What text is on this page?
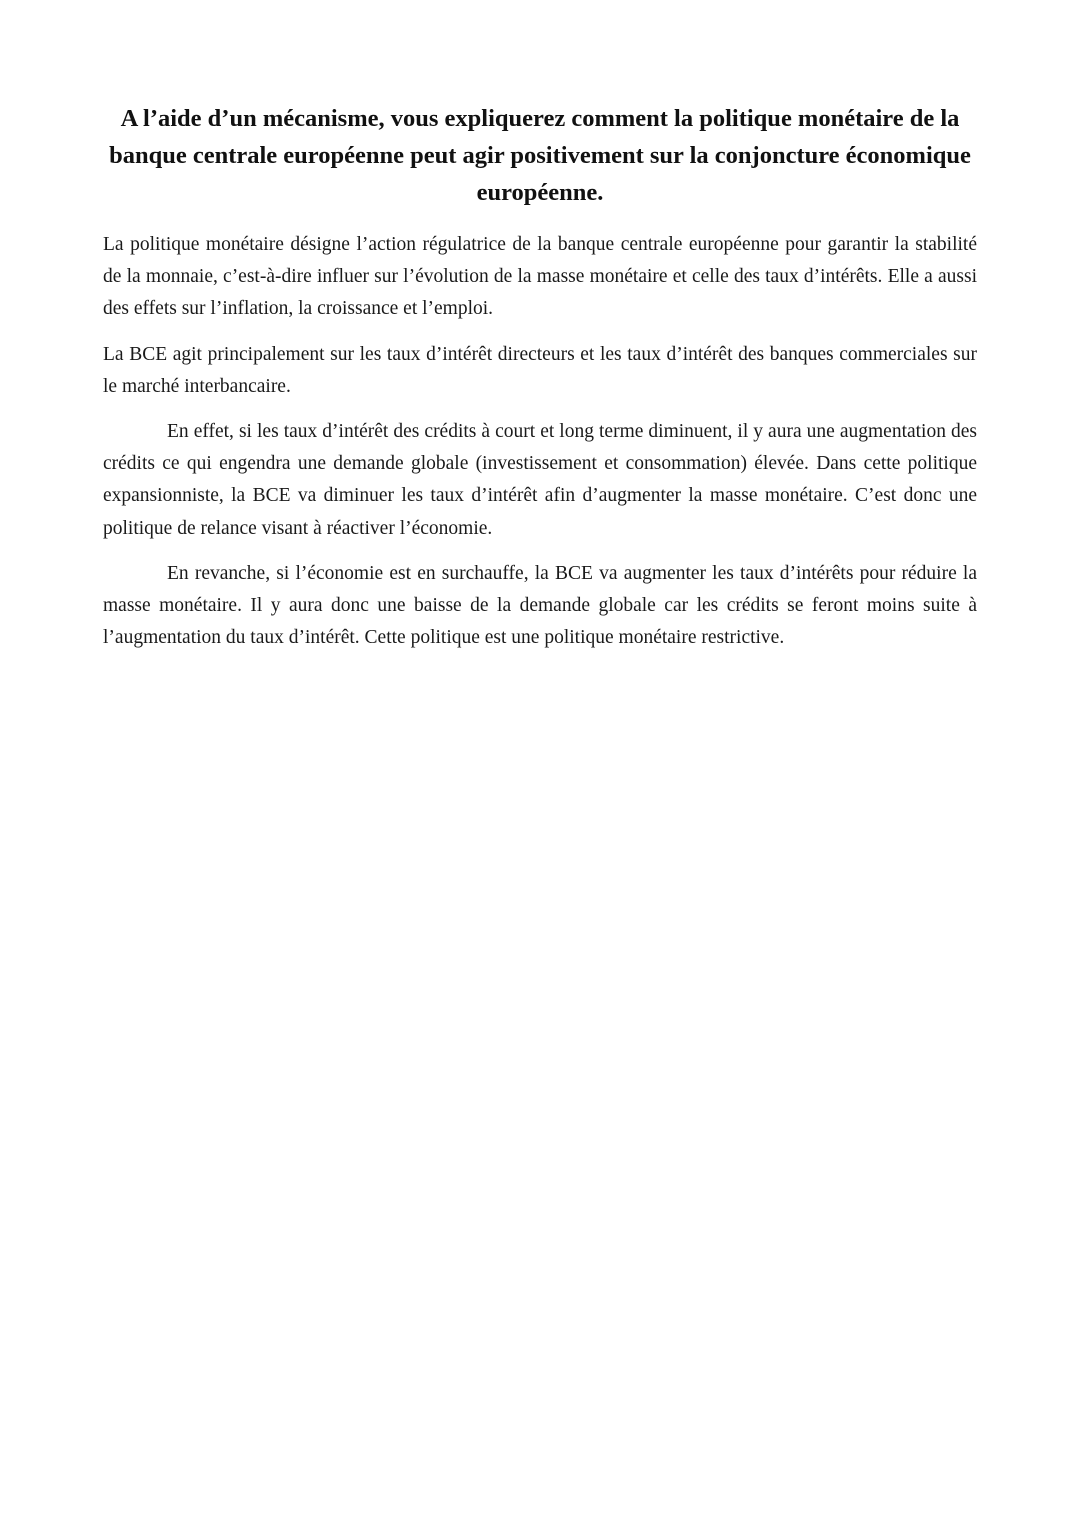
A l’aide d’un mécanisme, vous expliquerez comment la politique monétaire de la banque centrale européenne peut agir positivement sur la conjoncture économique européenne.

La politique monétaire désigne l’action régulatrice de la banque centrale européenne pour garantir la stabilité de la monnaie, c’est-à-dire influer sur l’évolution de la masse monétaire et celle des taux d’intérêts. Elle a aussi des effets sur l’inflation, la croissance et l’emploi.

La BCE agit principalement sur les taux d’intérêt directeurs et les taux d’intérêt des banques commerciales sur le marché interbancaire.

En effet, si les taux d’intérêt des crédits à court et long terme diminuent, il y aura une augmentation des crédits ce qui engendra une demande globale (investissement et consommation) élevée. Dans cette politique expansionniste, la BCE va diminuer les taux d’intérêt afin d’augmenter la masse monétaire. C’est donc une politique de relance visant à réactiver l’économie.

En revanche, si l’économie est en surchauffe, la BCE va augmenter les taux d’intérêts pour réduire la masse monétaire. Il y aura donc une baisse de la demande globale car les crédits se feront moins suite à l’augmentation du taux d’intérêt. Cette politique est une politique monétaire restrictive.
